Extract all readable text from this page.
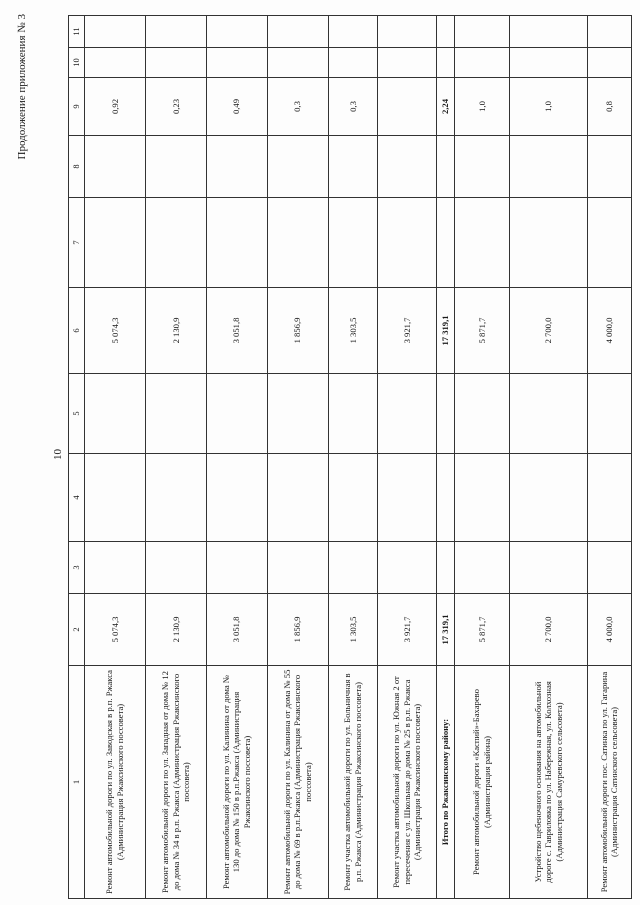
10
Продолжение приложения № 3
1	2	3	4	5	6	7	8	9	10	11
Ремонт автомобильной дороги по ул. Заводская в р.п. Ржакса (Администрация Ржаксинского поссовета)	5 074,3				5 074,3			0,92		
Ремонт автомобильной дороги по ул. Западная от дома № 12 до дома № 34 в р.п. Ржакса (Администрация Ржаксинского поссовета)	2 130,9				2 130,9			0,23		
Ремонт автомобильной дороги по ул. Калинина от дома № 130 до дома № 150 в р.п.Ржакса (Администрация Ржаксинского поссовета)	3 051,8				3 051,8			0,49		
Ремонт автомобильной дороги по ул. Калинина от дома № 55 до дома № 69 в р.п.Ржакса (Администрация Ржаксинского поссовета)	1 856,9				1 856,9			0,3		
Ремонт участка автомобильной дороги по ул. Больничная в р.п. Ржакса (Администрация Ржаксинского поссовета)	1 303,5				1 303,5			0,3		
Ремонт участка автомобильной дороги по ул. Южная 2 от пересечения с ул. Школьная до дома № 25 в р.п. Ржакса (Администрация Ржаксинского поссовета)	3 921,7				3 921,7					
Итого по Ржаксинскому району:	17 319,1				17 319,1			2,24		
Ремонт автомобильной дороги «Каспий»-Бахарево (Администрация района)	5 871,7				5 871,7			1,0		
Устройство щебеночного основания на автомобильной дороге с. Гавриловка по ул. Набережная, ул. Колхозная (Администрация Самуревского сельсовета)	2 700,0				2 700,0			1,0		
Ремонт автомобильной дороги пос. Сатинка по ул. Гагарина (Администрация Сатинского сельсовета)	4 000,0				4 000,0			0,8		
